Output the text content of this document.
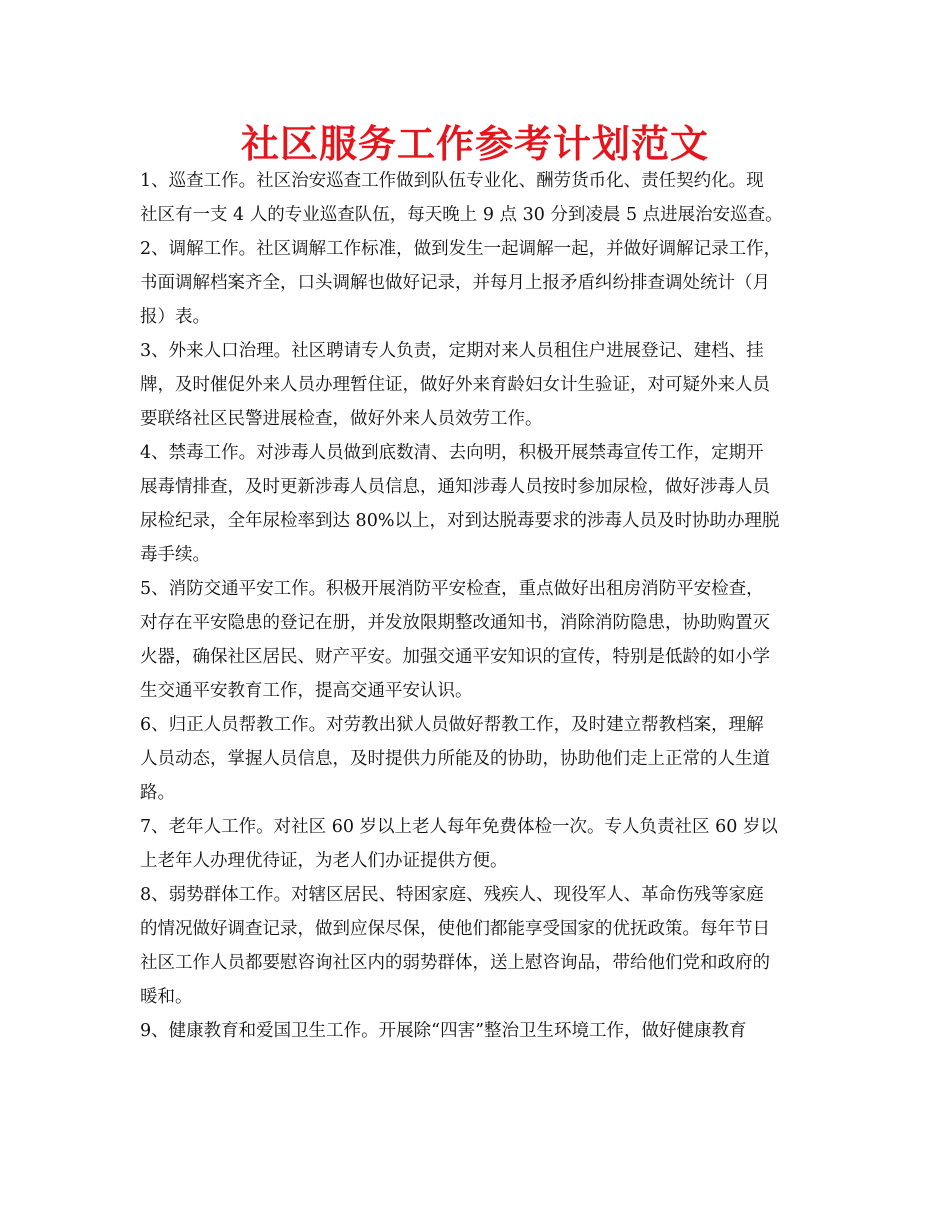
社区服务工作参考计划范文
1、巡查工作。社区治安巡查工作做到队伍专业化、酬劳货币化、责任契约化。现
社区有一支 4 人的专业巡查队伍，每天晚上 9 点 30 分到凌晨 5 点进展治安巡查。
2、调解工作。社区调解工作标准，做到发生一起调解一起，并做好调解记录工作，
书面调解档案齐全，口头调解也做好记录，并每月上报矛盾纠纷排查调处统计（月
报）表。
3、外来人口治理。社区聘请专人负责，定期对来人员租住户进展登记、建档、挂
牌，及时催促外来人员办理暂住证，做好外来育龄妇女计生验证，对可疑外来人员
要联络社区民警进展检查，做好外来人员效劳工作。
4、禁毒工作。对涉毒人员做到底数清、去向明，积极开展禁毒宣传工作，定期开
展毒情排查，及时更新涉毒人员信息，通知涉毒人员按时参加尿检，做好涉毒人员
尿检纪录，全年尿检率到达 80%以上，对到达脱毒要求的涉毒人员及时协助办理脱
毒手续。
5、消防交通平安工作。积极开展消防平安检查，重点做好出租房消防平安检查，
对存在平安隐患的登记在册，并发放限期整改通知书，消除消防隐患，协助购置灭
火器，确保社区居民、财产平安。加强交通平安知识的宣传，特别是低龄的如小学
生交通平安教育工作，提高交通平安认识。
6、归正人员帮教工作。对劳教出狱人员做好帮教工作，及时建立帮教档案，理解
人员动态，掌握人员信息，及时提供力所能及的协助，协助他们走上正常的人生道
路。
7、老年人工作。对社区 60 岁以上老人每年免费体检一次。专人负责社区 60 岁以
上老年人办理优待证，为老人们办证提供方便。
8、弱势群体工作。对辖区居民、特困家庭、残疾人、现役军人、革命伤残等家庭
的情况做好调查记录，做到应保尽保，使他们都能享受国家的优抚政策。每年节日
社区工作人员都要慰咨询社区内的弱势群体，送上慰咨询品，带给他们党和政府的
暖和。
9、健康教育和爱国卫生工作。开展除“四害”整治卫生环境工作，做好健康教育
